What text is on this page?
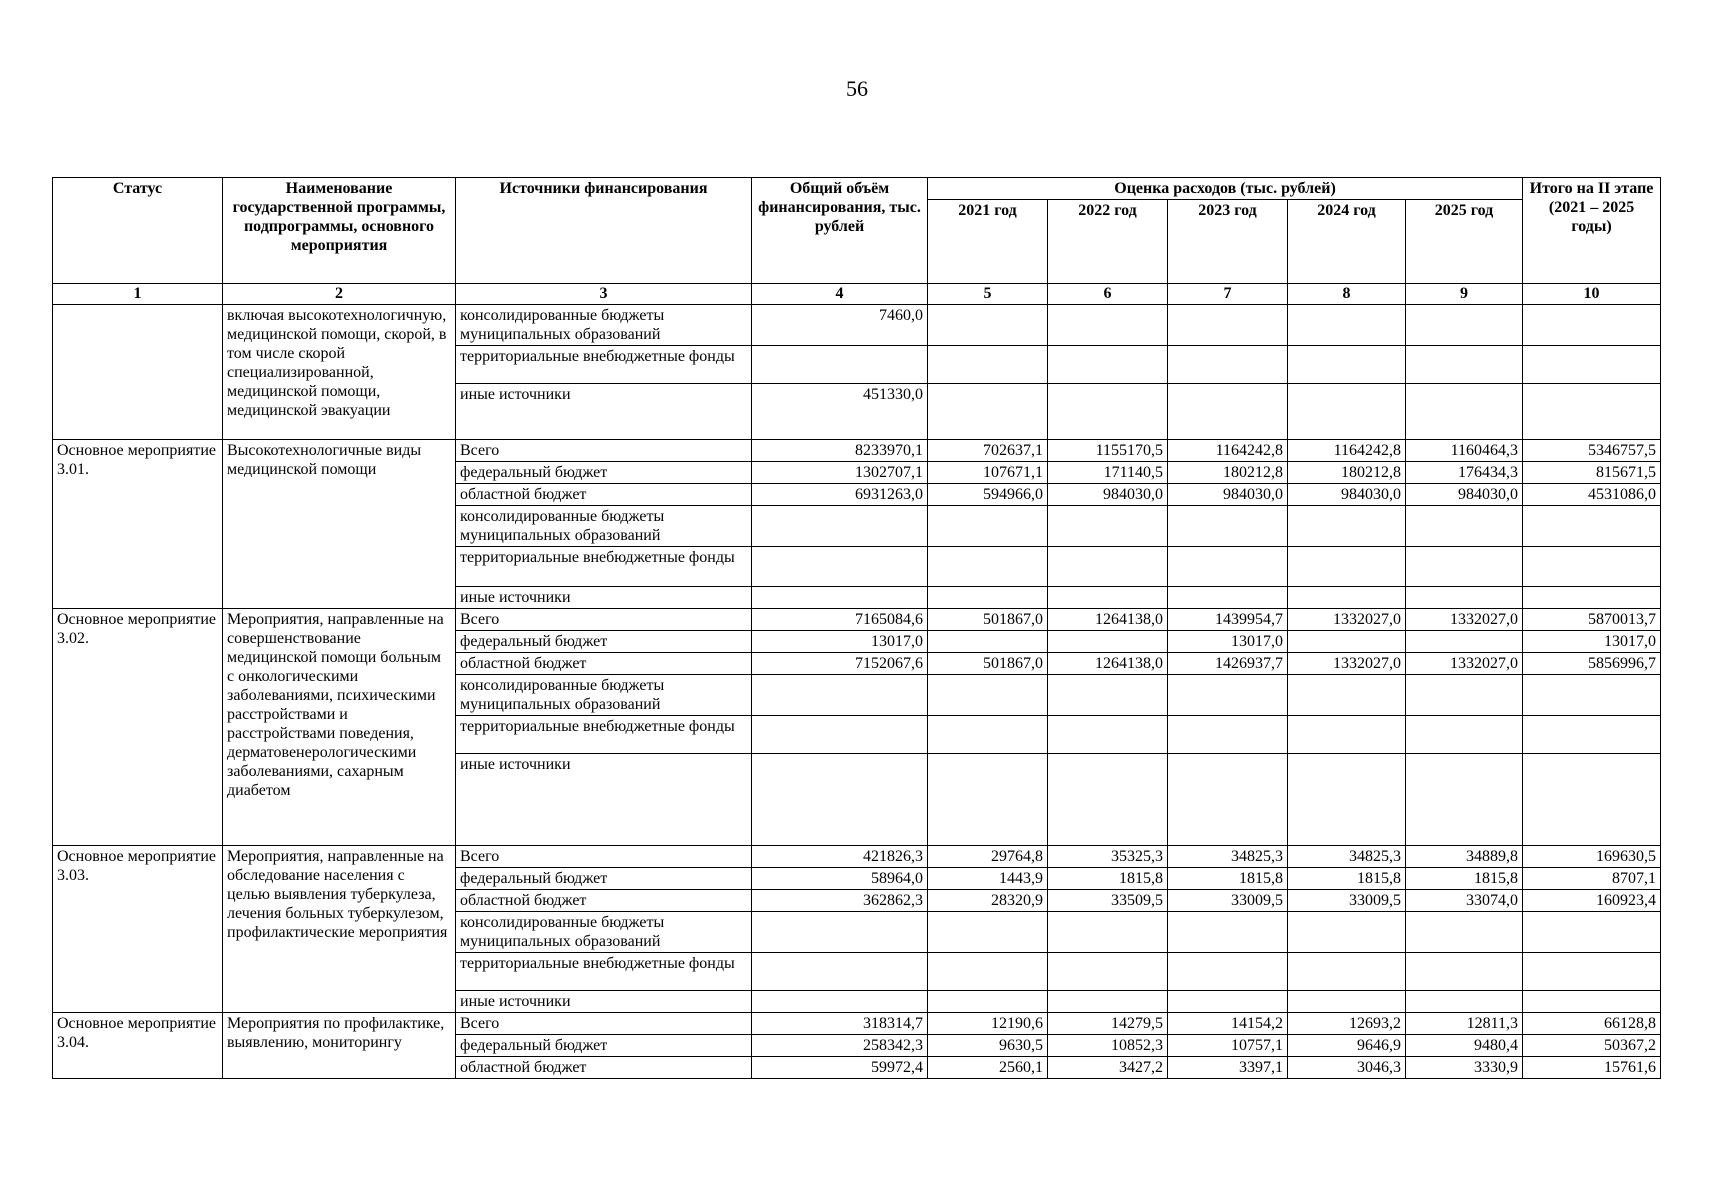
56
Статус	Наименование государственной программы, подпрограммы, основного мероприятия	Источники финансирования	Общий объём финансирования, тыс. рублей	Оценка расходов (тыс. рублей)					Итого на II этапе (2021 – 2025 годы)
				2021 год	2022 год	2023 год	2024 год	2025 год	
1	2	3	4	5	6	7	8	9	10
	включая высокотехнологичную, медицинской помощи, скорой, в том числе скорой специализированной, медицинской помощи, медицинской эвакуации	консолидированные бюджеты муниципальных образований	7460,0						
		территориальные внебюджетные фонды							
		иные источники	451330,0						
Основное мероприятие 3.01.	Высокотехнологичные виды медицинской помощи	Всего	8233970,1	702637,1	1155170,5	1164242,8	1164242,8	1160464,3	5346757,5
		федеральный бюджет	1302707,1	107671,1	171140,5	180212,8	180212,8	176434,3	815671,5
		областной бюджет	6931263,0	594966,0	984030,0	984030,0	984030,0	984030,0	4531086,0
		консолидированные бюджеты муниципальных образований							
		территориальные внебюджетные фонды							
		иные источники							
Основное мероприятие 3.02.	Мероприятия, направленные на совершенствование медицинской помощи больным с онкологическими заболеваниями, психическими расстройствами и расстройствами поведения, дерматовенерологическими заболеваниями, сахарным диабетом	Всего	7165084,6	501867,0	1264138,0	1439954,7	1332027,0	1332027,0	5870013,7
		федеральный бюджет	13017,0			13017,0			13017,0
		областной бюджет	7152067,6	501867,0	1264138,0	1426937,7	1332027,0	1332027,0	5856996,7
		консолидированные бюджеты муниципальных образований							
		территориальные внебюджетные фонды							
		иные источники							
Основное мероприятие 3.03.	Мероприятия, направленные на обследование населения с целью выявления туберкулеза, лечения больных туберкулезом, профилактические мероприятия	Всего	421826,3	29764,8	35325,3	34825,3	34825,3	34889,8	169630,5
		федеральный бюджет	58964,0	1443,9	1815,8	1815,8	1815,8	1815,8	8707,1
		областной бюджет	362862,3	28320,9	33509,5	33009,5	33009,5	33074,0	160923,4
		консолидированные бюджеты муниципальных образований							
		территориальные внебюджетные фонды							
		иные источники							
Основное мероприятие 3.04.	Мероприятия по профилактике, выявлению, мониторингу	Всего	318314,7	12190,6	14279,5	14154,2	12693,2	12811,3	66128,8
		федеральный бюджет	258342,3	9630,5	10852,3	10757,1	9646,9	9480,4	50367,2
		областной бюджет	59972,4	2560,1	3427,2	3397,1	3046,3	3330,9	15761,6
